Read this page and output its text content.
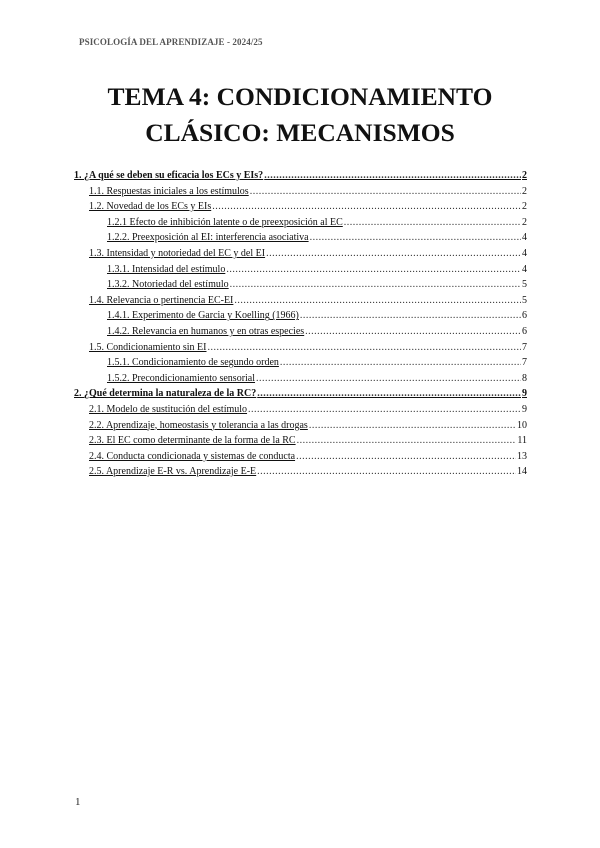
PSICOLOGÍA DEL APRENDIZAJE - 2024/25
TEMA 4: CONDICIONAMIENTO
CLÁSICO: MECANISMOS
1. ¿A qué se deben su eficacia los ECs y EIs? .....	2
1.1. Respuestas iniciales a los estímulos .....	2
1.2. Novedad de los ECs y EIs .....	2
1.2.1 Efecto de inhibición latente o de preexposición al EC .....	2
1.2.2. Preexposición al EI: interferencia asociativa .....	4
1.3. Intensidad y notoriedad del EC y del EI .....	4
1.3.1. Intensidad del estímulo .....	4
1.3.2. Notoriedad del estímulo .....	5
1.4. Relevancia o pertinencia EC-EI .....	5
1.4.1. Experimento de Garcia y Koelling (1966) .....	6
1.4.2. Relevancia en humanos y en otras especies .....	6
1.5. Condicionamiento sin EI .....	7
1.5.1. Condicionamiento de segundo orden .....	7
1.5.2. Precondicionamiento sensorial .....	8
2. ¿Qué determina la naturaleza de la RC? .....	9
2.1. Modelo de sustitución del estímulo .....	9
2.2. Aprendizaje, homeostasis y tolerancia a las drogas .....	10
2.3. El EC como determinante de la forma de la RC .....	11
2.4. Conducta condicionada y sistemas de conducta .....	13
2.5. Aprendizaje E-R vs. Aprendizaje E-E .....	14
1
